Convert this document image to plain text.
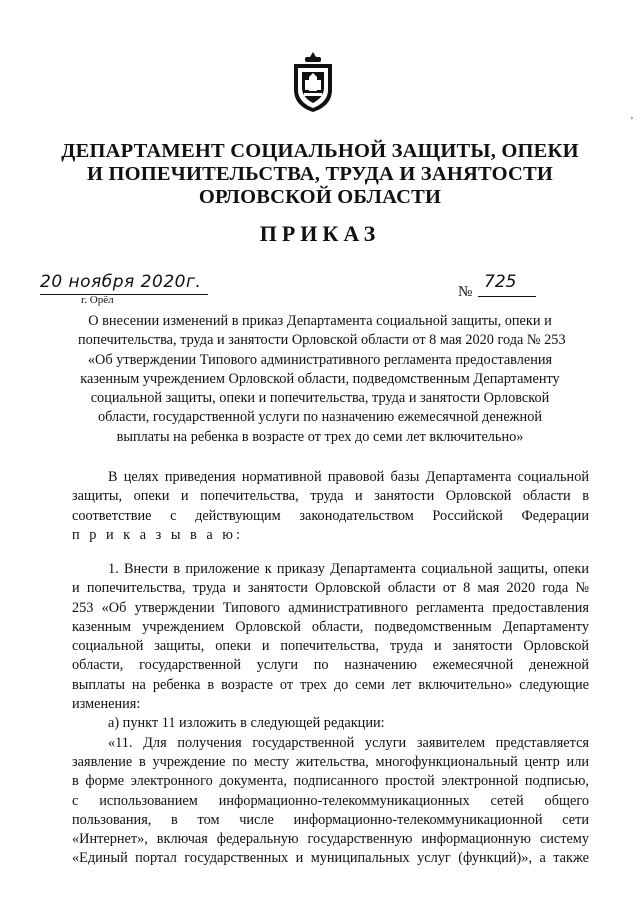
’
ДЕПАРТАМЕНТ СОЦИАЛЬНОЙ ЗАЩИТЫ, ОПЕКИ
И ПОПЕЧИТЕЛЬСТВА, ТРУДА И ЗАНЯТОСТИ
ОРЛОВСКОЙ ОБЛАСТИ
ПРИКАЗ
20 ноября 2020г.
г. Орёл	№ 725
О внесении изменений в приказ Департамента социальной защиты, опеки и
попечительства, труда и занятости Орловской области от 8 мая 2020 года № 253
«Об утверждении Типового административного регламента предоставления
казенным учреждением Орловской области, подведомственным Департаменту
социальной защиты, опеки и попечительства, труда и занятости Орловской
области, государственной услуги по назначению ежемесячной денежной
выплаты на ребенка в возрасте от трех до семи лет включительно»
В целях приведения нормативной правовой базы Департамента социальной
защиты, опеки и попечительства, труда и занятости Орловской области в
соответствие с действующим законодательством Российской Федерации
п р и к а з ы в а ю:
1. Внести в приложение к приказу Департамента социальной защиты, опеки
и попечительства, труда и занятости Орловской области от 8 мая 2020 года №
253 «Об утверждении Типового административного регламента предоставления
казенным учреждением Орловской области, подведомственным Департаменту
социальной защиты, опеки и попечительства, труда и занятости Орловской
области, государственной услуги по назначению ежемесячной денежной
выплаты на ребенка в возрасте от трех до семи лет включительно» следующие
изменения:
а) пункт 11 изложить в следующей редакции:
«11. Для получения государственной услуги заявителем представляется
заявление в учреждение по месту жительства, многофункциональный центр или
в форме электронного документа, подписанного простой электронной подписью,
с использованием информационно-телекоммуникационных сетей общего
пользования, в том числе информационно-телекоммуникационной сети
«Интернет», включая федеральную государственную информационную систему
«Единый портал государственных и муниципальных услуг (функций)», а также
